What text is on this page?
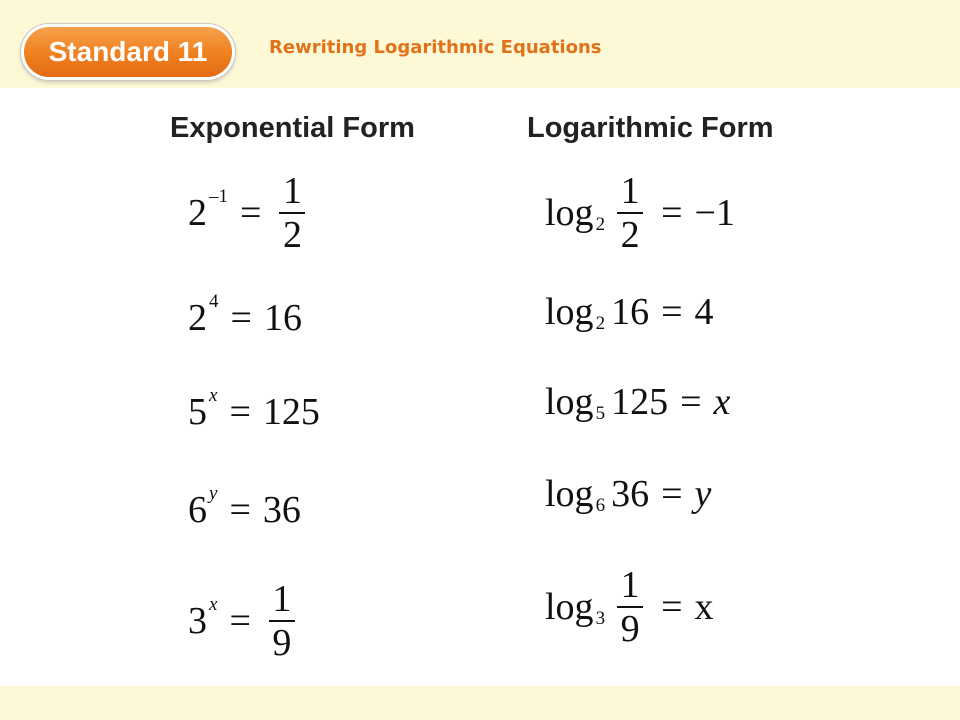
Standard 11	Rewriting Logarithmic Equations
Exponential Form	Logarithmic Form
2 $-1 = \frac{1}{2}$	$\log 2 \frac{1}{2} = -1$
2 4 = 16	log 2 16 = 4
5 x = 125	log 5 125 = x
6 y = 36	log 6 36 = y
3 $x = \frac{1}{9}$	$\log 3 \frac{1}{9} = x$
